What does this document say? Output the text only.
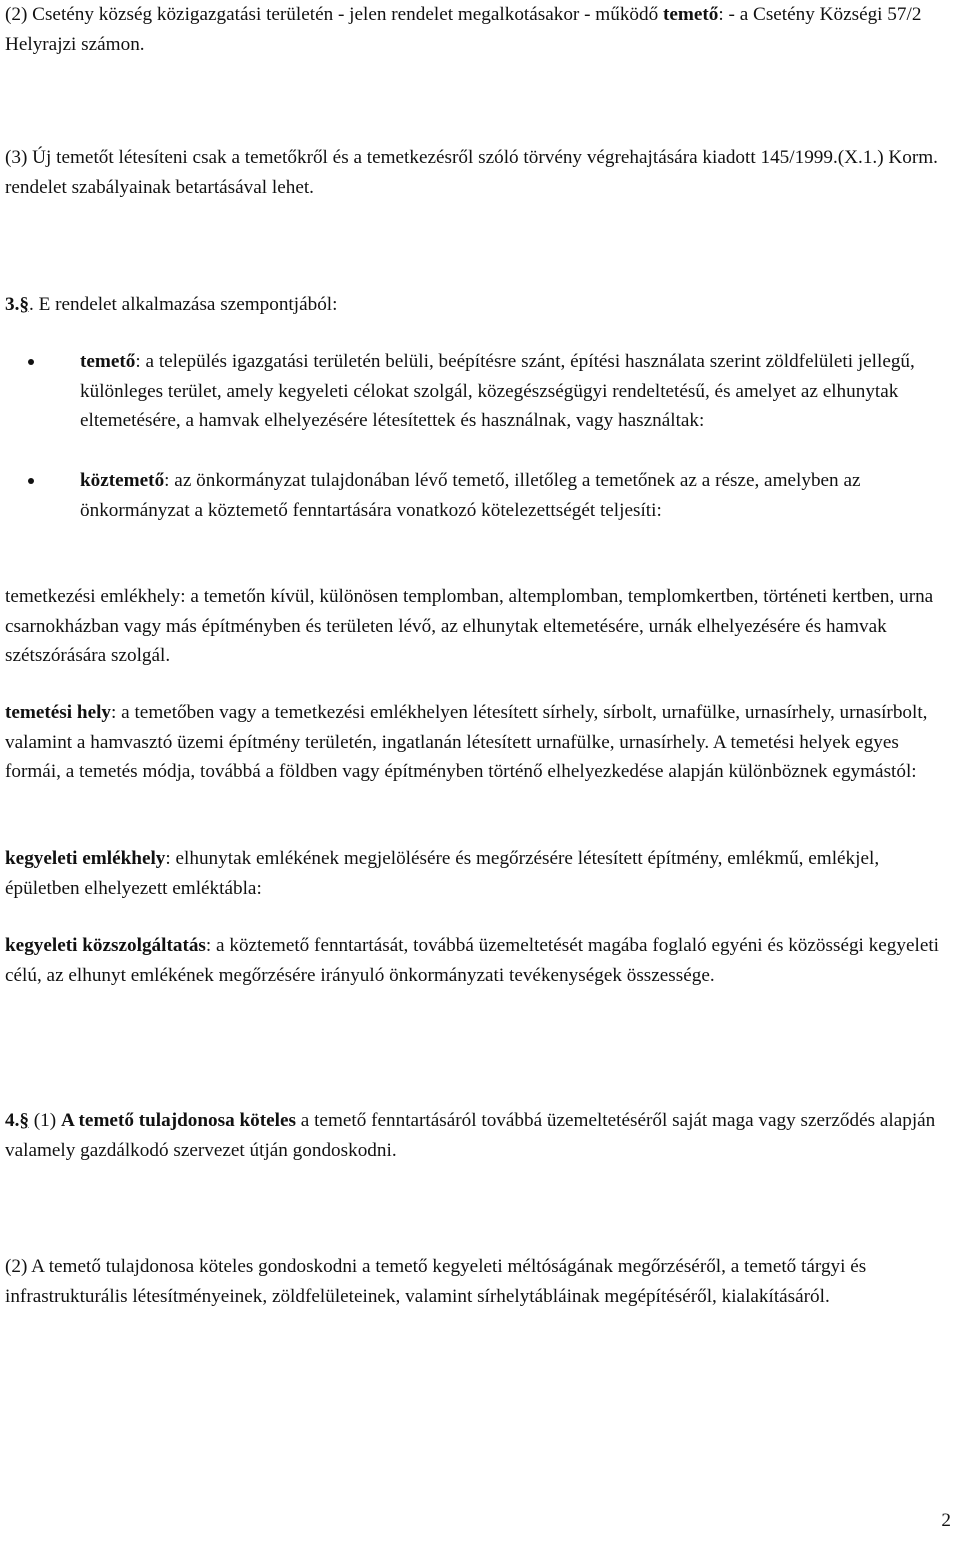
(2) Csetény község közigazgatási területén - jelen rendelet megalkotásakor - működő temető: - a Csetény Községi 57/2 Helyrajzi számon.

(3) Új temetőt létesíteni csak a temetőkről és a temetkezésről szóló törvény végrehajtására kiadott 145/1999.(X.1.) Korm. rendelet szabályainak betartásával lehet.

3.§. E rendelet alkalmazása szempontjából:

temető: a település igazgatási területén belüli, beépítésre szánt, építési használata szerint zöldfelületi jellegű, különleges terület, amely kegyeleti célokat szolgál, közegészségügyi rendeltetésű, és amelyet az elhunytak eltemetésére, a hamvak elhelyezésére létesítettek és használnak, vagy használtak:
köztemető: az önkormányzat tulajdonában lévő temető, illetőleg a temetőnek az a része, amelyben az önkormányzat a köztemető fenntartására vonatkozó kötelezettségét teljesíti:

temetkezési emlékhely: a temetőn kívül, különösen templomban, altemplomban, templomkertben, történeti kertben, urna csarnokházban vagy más építményben és területen lévő, az elhunytak eltemetésére, urnák elhelyezésére és hamvak szétszórására szolgál.

temetési hely: a temetőben vagy a temetkezési emlékhelyen létesített sírhely, sírbolt, urnafülke, urnasírhely, urnasírbolt, valamint a hamvasztó üzemi építmény területén, ingatlanán létesített urnafülke, urnasírhely. A temetési helyek egyes formái, a temetés módja, továbbá a földben vagy építményben történő elhelyezkedése alapján különböznek egymástól:

kegyeleti emlékhely: elhunytak emlékének megjelölésére és megőrzésére létesített építmény, emlékmű, emlékjel, épületben elhelyezett emléktábla:

kegyeleti közszolgáltatás: a köztemető fenntartását, továbbá üzemeltetését magába foglaló egyéni és közösségi kegyeleti célú, az elhunyt emlékének megőrzésére irányuló önkormányzati tevékenységek összessége.

4.§ (1) A temető tulajdonosa köteles a temető fenntartásáról továbbá üzemeltetéséről saját maga vagy szerződés alapján valamely gazdálkodó szervezet útján gondoskodni.

(2) A temető tulajdonosa köteles gondoskodni a temető kegyeleti méltóságának megőrzéséről, a temető tárgyi és infrastrukturális létesítményeinek, zöldfelületeinek, valamint sírhelytábláinak megépítéséről, kialakításáról.

2
